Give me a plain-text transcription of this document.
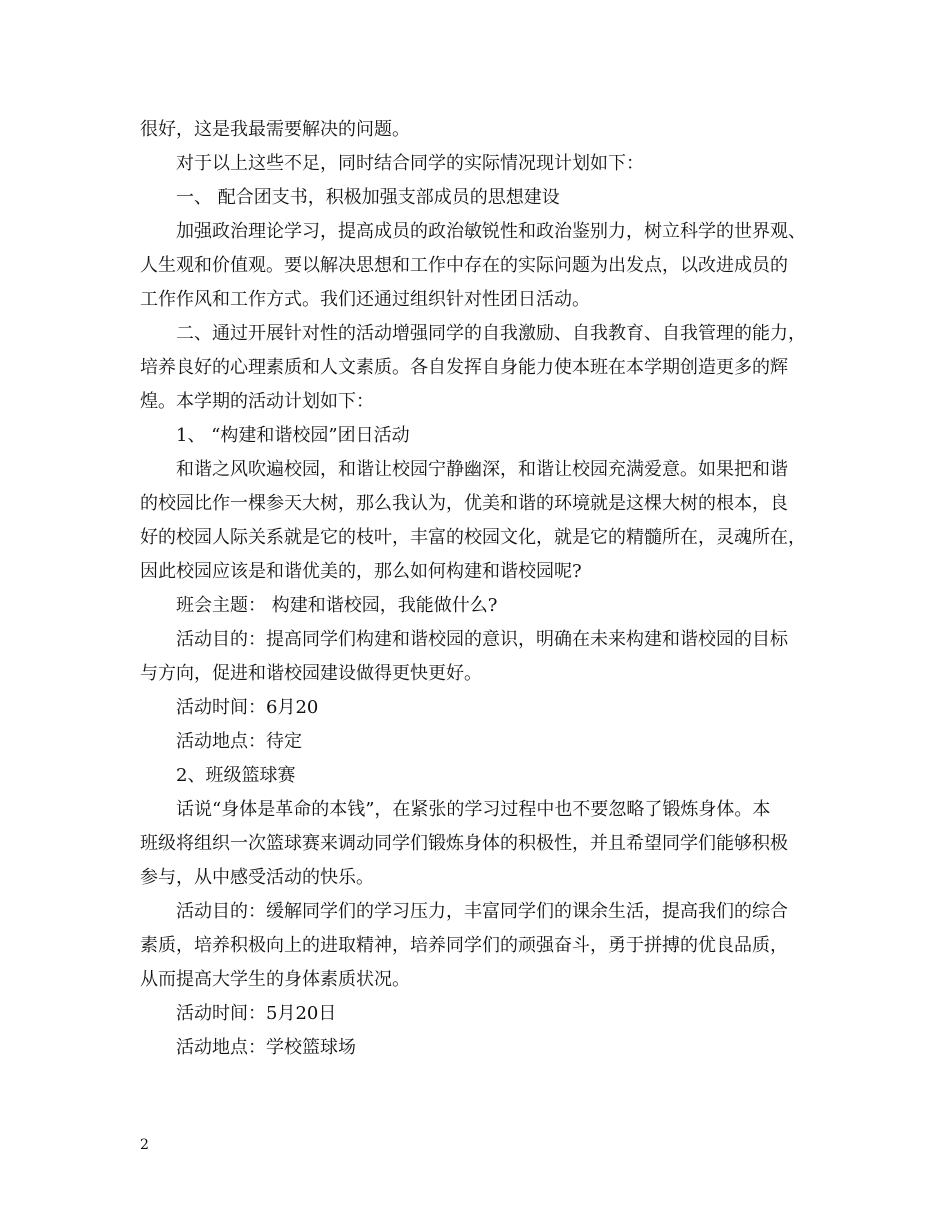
很好，这是我最需要解决的问题。
对于以上这些不足，同时结合同学的实际情况现计划如下：
一、 配合团支书，积极加强支部成员的思想建设
加强政治理论学习，提高成员的政治敏锐性和政治鉴别力，树立科学的世界观、
人生观和价值观。要以解决思想和工作中存在的实际问题为出发点，以改进成员的
工作作风和工作方式。我们还通过组织针对性团日活动。
二、通过开展针对性的活动增强同学的自我激励、自我教育、自我管理的能力，
培养良好的心理素质和人文素质。各自发挥自身能力使本班在本学期创造更多的辉
煌。本学期的活动计划如下：
1、 “构建和谐校园”团日活动
和谐之风吹遍校园，和谐让校园宁静幽深，和谐让校园充满爱意。如果把和谐
的校园比作一棵参天大树，那么我认为，优美和谐的环境就是这棵大树的根本，良
好的校园人际关系就是它的枝叶，丰富的校园文化，就是它的精髓所在，灵魂所在，
因此校园应该是和谐优美的，那么如何构建和谐校园呢?
班会主题： 构建和谐校园，我能做什么?
活动目的：提高同学们构建和谐校园的意识，明确在未来构建和谐校园的目标
与方向，促进和谐校园建设做得更快更好。
活动时间：6月20
活动地点：待定
2、班级篮球赛
话说“身体是革命的本钱”，在紧张的学习过程中也不要忽略了锻炼身体。本
班级将组织一次篮球赛来调动同学们锻炼身体的积极性，并且希望同学们能够积极
参与，从中感受活动的快乐。
活动目的：缓解同学们的学习压力，丰富同学们的课余生活，提高我们的综合
素质，培养积极向上的进取精神，培养同学们的顽强奋斗，勇于拼搏的优良品质，
从而提高大学生的身体素质状况。
活动时间：5月20日
活动地点：学校篮球场
2
